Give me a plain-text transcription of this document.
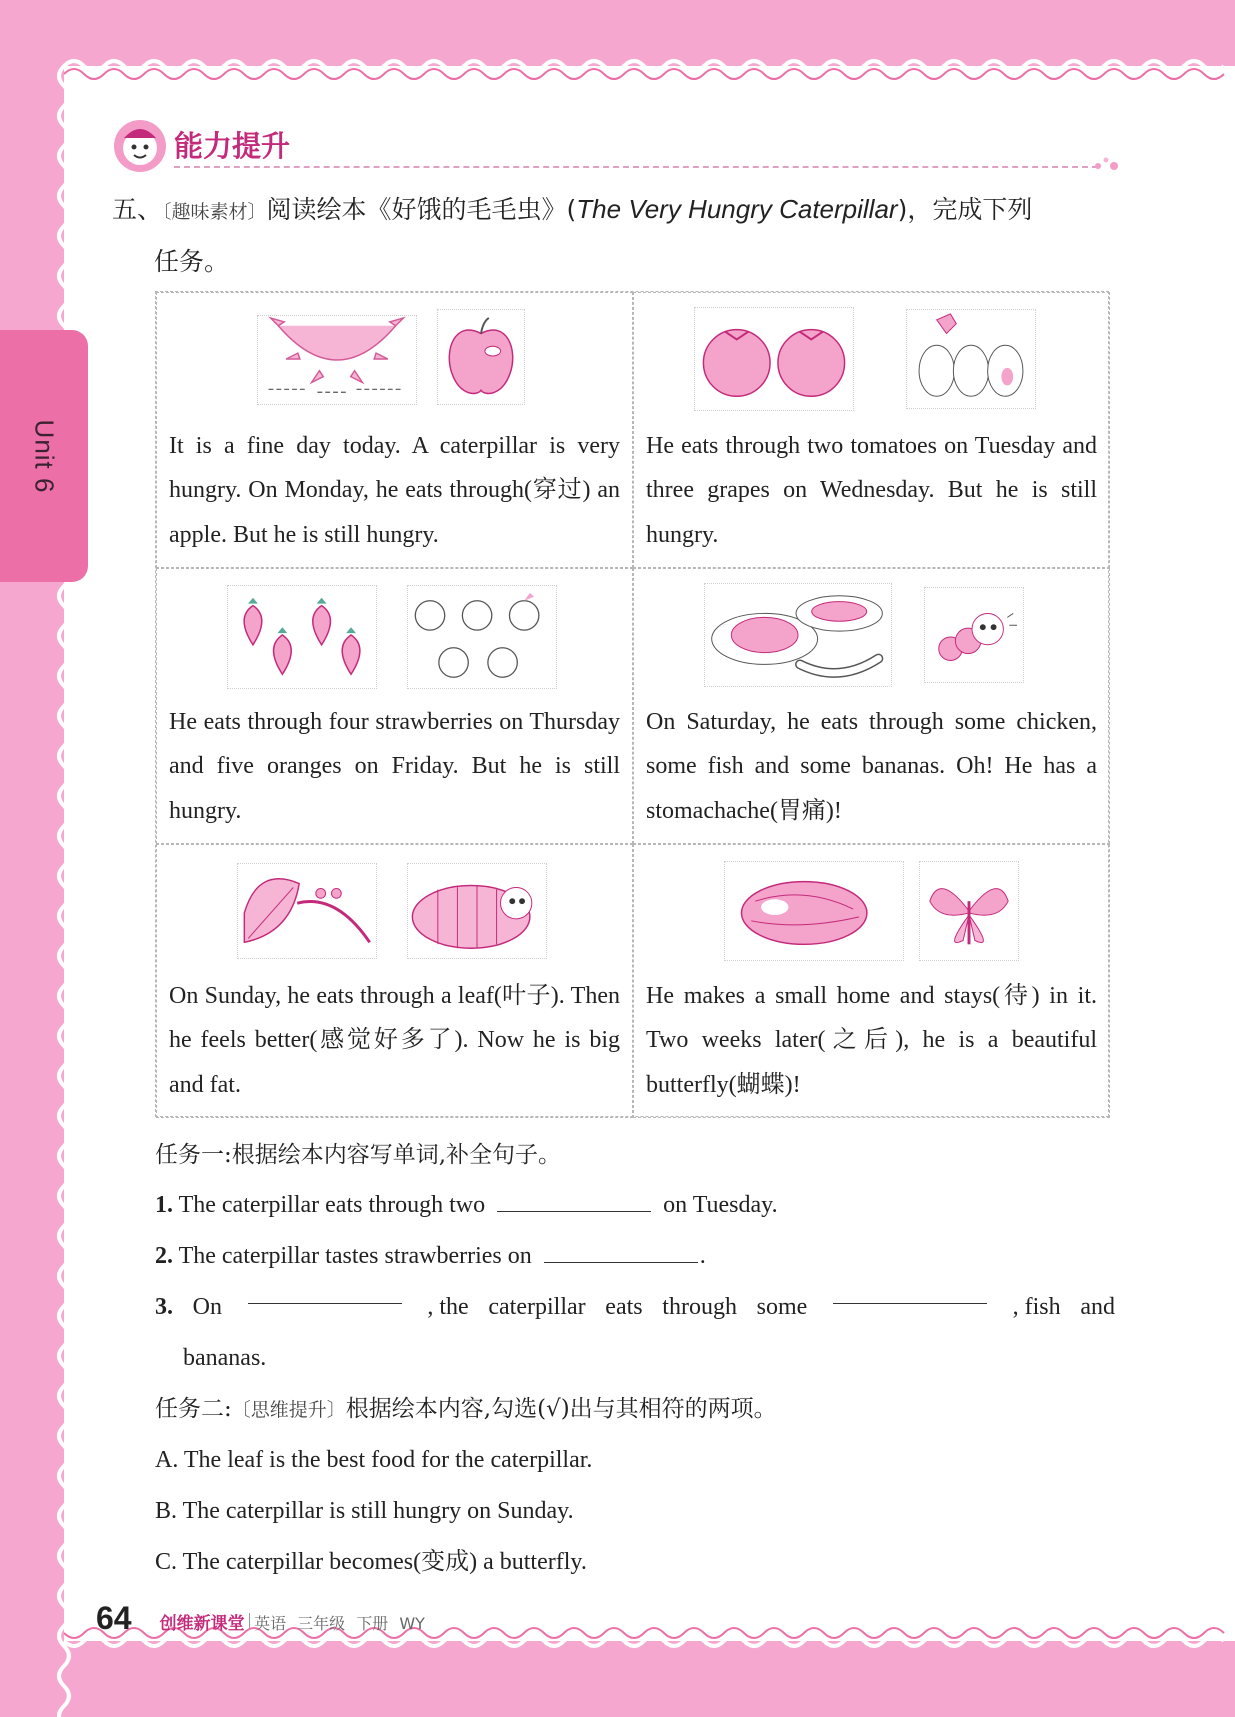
Unit 6
能力提升
五、〔趣味素材〕阅读绘本《好饿的毛毛虫》(The Very Hungry Caterpillar)，完成下列
任务。
It is a fine day today. A caterpillar is very hungry. On Monday, he eats through(穿过) an apple. But he is still hungry.
He eats through two tomatoes on Tuesday and three grapes on Wednesday. But he is still hungry.
He eats through four strawberries on Thursday and five oranges on Friday. But he is still hungry.
On Saturday, he eats through some chicken, some fish and some bananas. Oh! He has a stomachache(胃痛)!
On Sunday, he eats through a leaf(叶子). Then he feels better(感觉好多了). Now he is big and fat.
He makes a small home and stays(待) in it. Two weeks later(之后), he is a beautiful butterfly(蝴蝶)!
任务一:根据绘本内容写单词,补全句子。
1. The caterpillar eats through two	on Tuesday.
2. The caterpillar tastes strawberries on	.
3. On	, the caterpillar eats through some	, fish and
bananas.
任务二:〔思维提升〕根据绘本内容,勾选(√)出与其相符的两项。
A. The leaf is the best food for the caterpillar.
B. The caterpillar is still hungry on Sunday.
C. The caterpillar becomes(变成) a butterfly.
64 创维新课堂 英语 三年级 下册 WY
